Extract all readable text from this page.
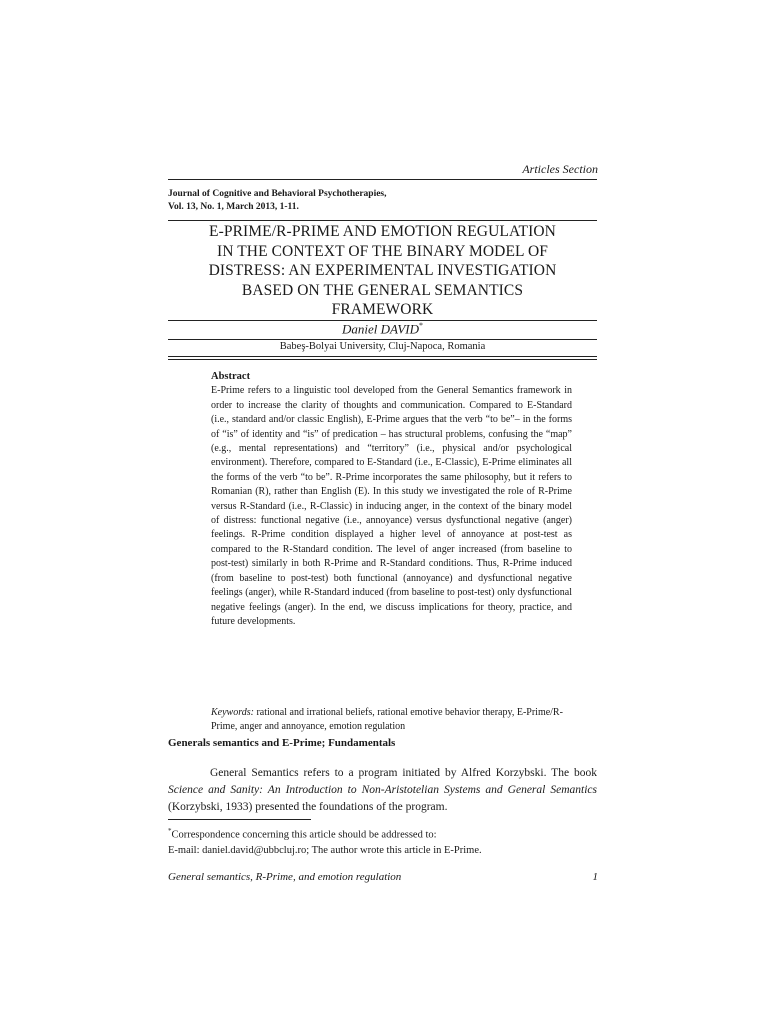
Articles Section
Journal of Cognitive and Behavioral Psychotherapies,
Vol. 13, No. 1, March 2013, 1-11.
E-PRIME/R-PRIME AND EMOTION REGULATION
IN THE CONTEXT OF THE BINARY MODEL OF
DISTRESS: AN EXPERIMENTAL INVESTIGATION
BASED ON THE GENERAL SEMANTICS
FRAMEWORK
Daniel DAVID*
Babeş-Bolyai University, Cluj-Napoca, Romania

Abstract

E-Prime refers to a linguistic tool developed from the General Semantics framework in order to increase the clarity of thoughts and communication. Compared to E-Standard (i.e., standard and/or classic English), E-Prime argues that the verb “to be”– in the forms of “is” of identity and “is” of predication – has structural problems, confusing the “map” (e.g., mental representations) and “territory” (i.e., physical and/or psychological environment). Therefore, compared to E-Standard (i.e., E-Classic), E-Prime eliminates all the forms of the verb “to be”. R-Prime incorporates the same philosophy, but it refers to Romanian (R), rather than English (E). In this study we investigated the role of R-Prime versus R-Standard (i.e., R-Classic) in inducing anger, in the context of the binary model of distress: functional negative (i.e., annoyance) versus dysfunctional negative (anger) feelings. R-Prime condition displayed a higher level of annoyance at post-test as compared to the R-Standard condition. The level of anger increased (from baseline to post-test) similarly in both R-Prime and R-Standard conditions. Thus, R-Prime induced (from baseline to post-test) both functional (annoyance) and dysfunctional negative feelings (anger), while R-Standard induced (from baseline to post-test) only dysfunctional negative feelings (anger). In the end, we discuss implications for theory, practice, and future developments.

Keywords: rational and irrational beliefs, rational emotive behavior therapy, E-Prime/R-Prime, anger and annoyance, emotion regulation
Generals semantics and E-Prime; Fundamentals

General Semantics refers to a program initiated by Alfred Korzybski. The book Science and Sanity: An Introduction to Non-Aristotelian Systems and General Semantics (Korzybski, 1933) presented the foundations of the program.

*Correspondence concerning this article should be addressed to:
E-mail: daniel.david@ubbcluj.ro; The author wrote this article in E-Prime.
General semantics, R-Prime, and emotion regulation	1
